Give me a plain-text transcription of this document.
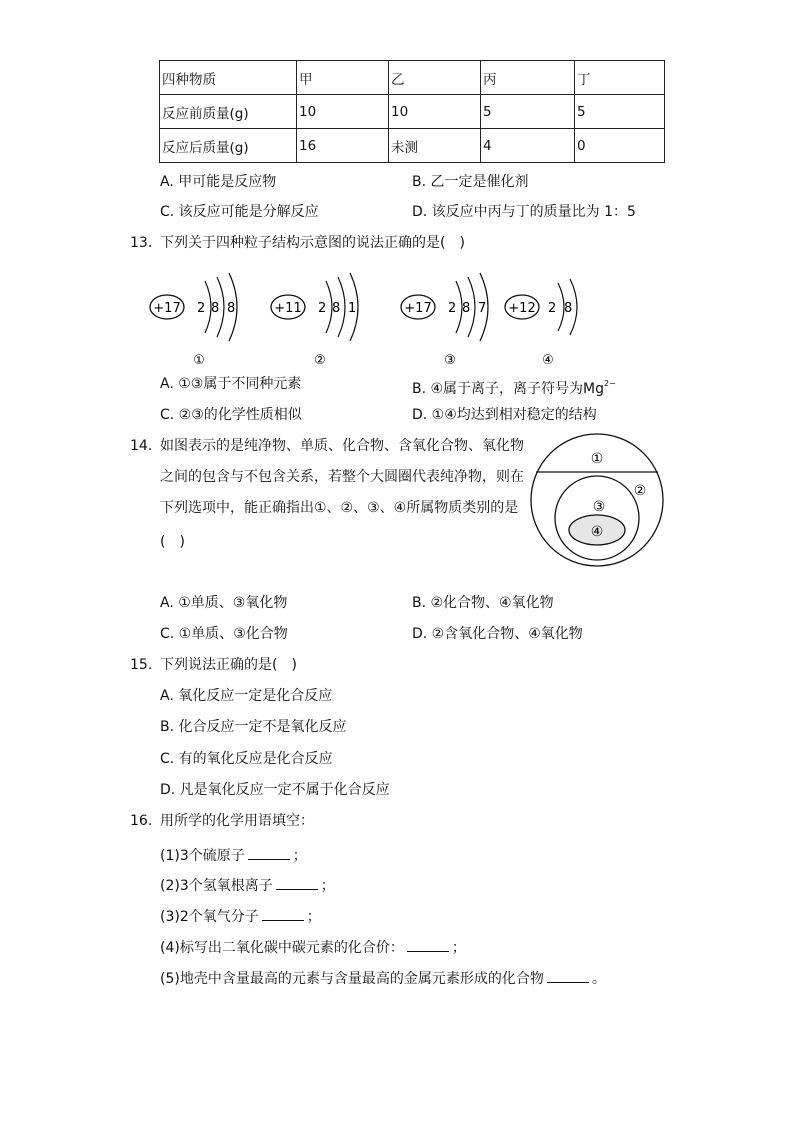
四种物质	甲	乙	丙	丁
反应前质量(g)	10	10	5	5
反应后质量(g)	16	未测	4	0
A. 甲可能是反应物	B. 乙一定是催化剂
C. 该反应可能是分解反应	D. 该反应中丙与丁的质量比为 1：5
13. 下列关于四种粒子结构示意图的说法正确的是(　)
+17 2 8 8
①
+11 2 8 1
②
+17 2 8 7
③
+12 2 8
④
A. ①③属于不同种元素	B. ④属于离子，离子符号为$Mg^{2-}$
C. ②③的化学性质相似	D. ①④均达到相对稳定的结构
14. 如图表示的是纯净物、单质、化合物、含氧化合物、氧化物
之间的包含与不包含关系，若整个大圆圈代表纯净物，则在
下列选项中，能正确指出①、②、③、④所属物质类别的是
(　)
①
②
③
④
A. ①单质、③氧化物	B. ②化合物、④氧化物
C. ①单质、③化合物	D. ②含氧化合物、④氧化物
15. 下列说法正确的是(　)
A. 氧化反应一定是化合反应
B. 化合反应一定不是氧化反应
C. 有的氧化反应是化合反应
D. 凡是氧化反应一定不属于化合反应
16. 用所学的化学用语填空：
(1)3个硫原子	；
(2)3个氢氧根离子	；
(3)2个氧气分子	；
(4)标写出二氧化碳中碳元素的化合价：	；
(5)地壳中含量最高的元素与含量最高的金属元素形成的化合物	。
